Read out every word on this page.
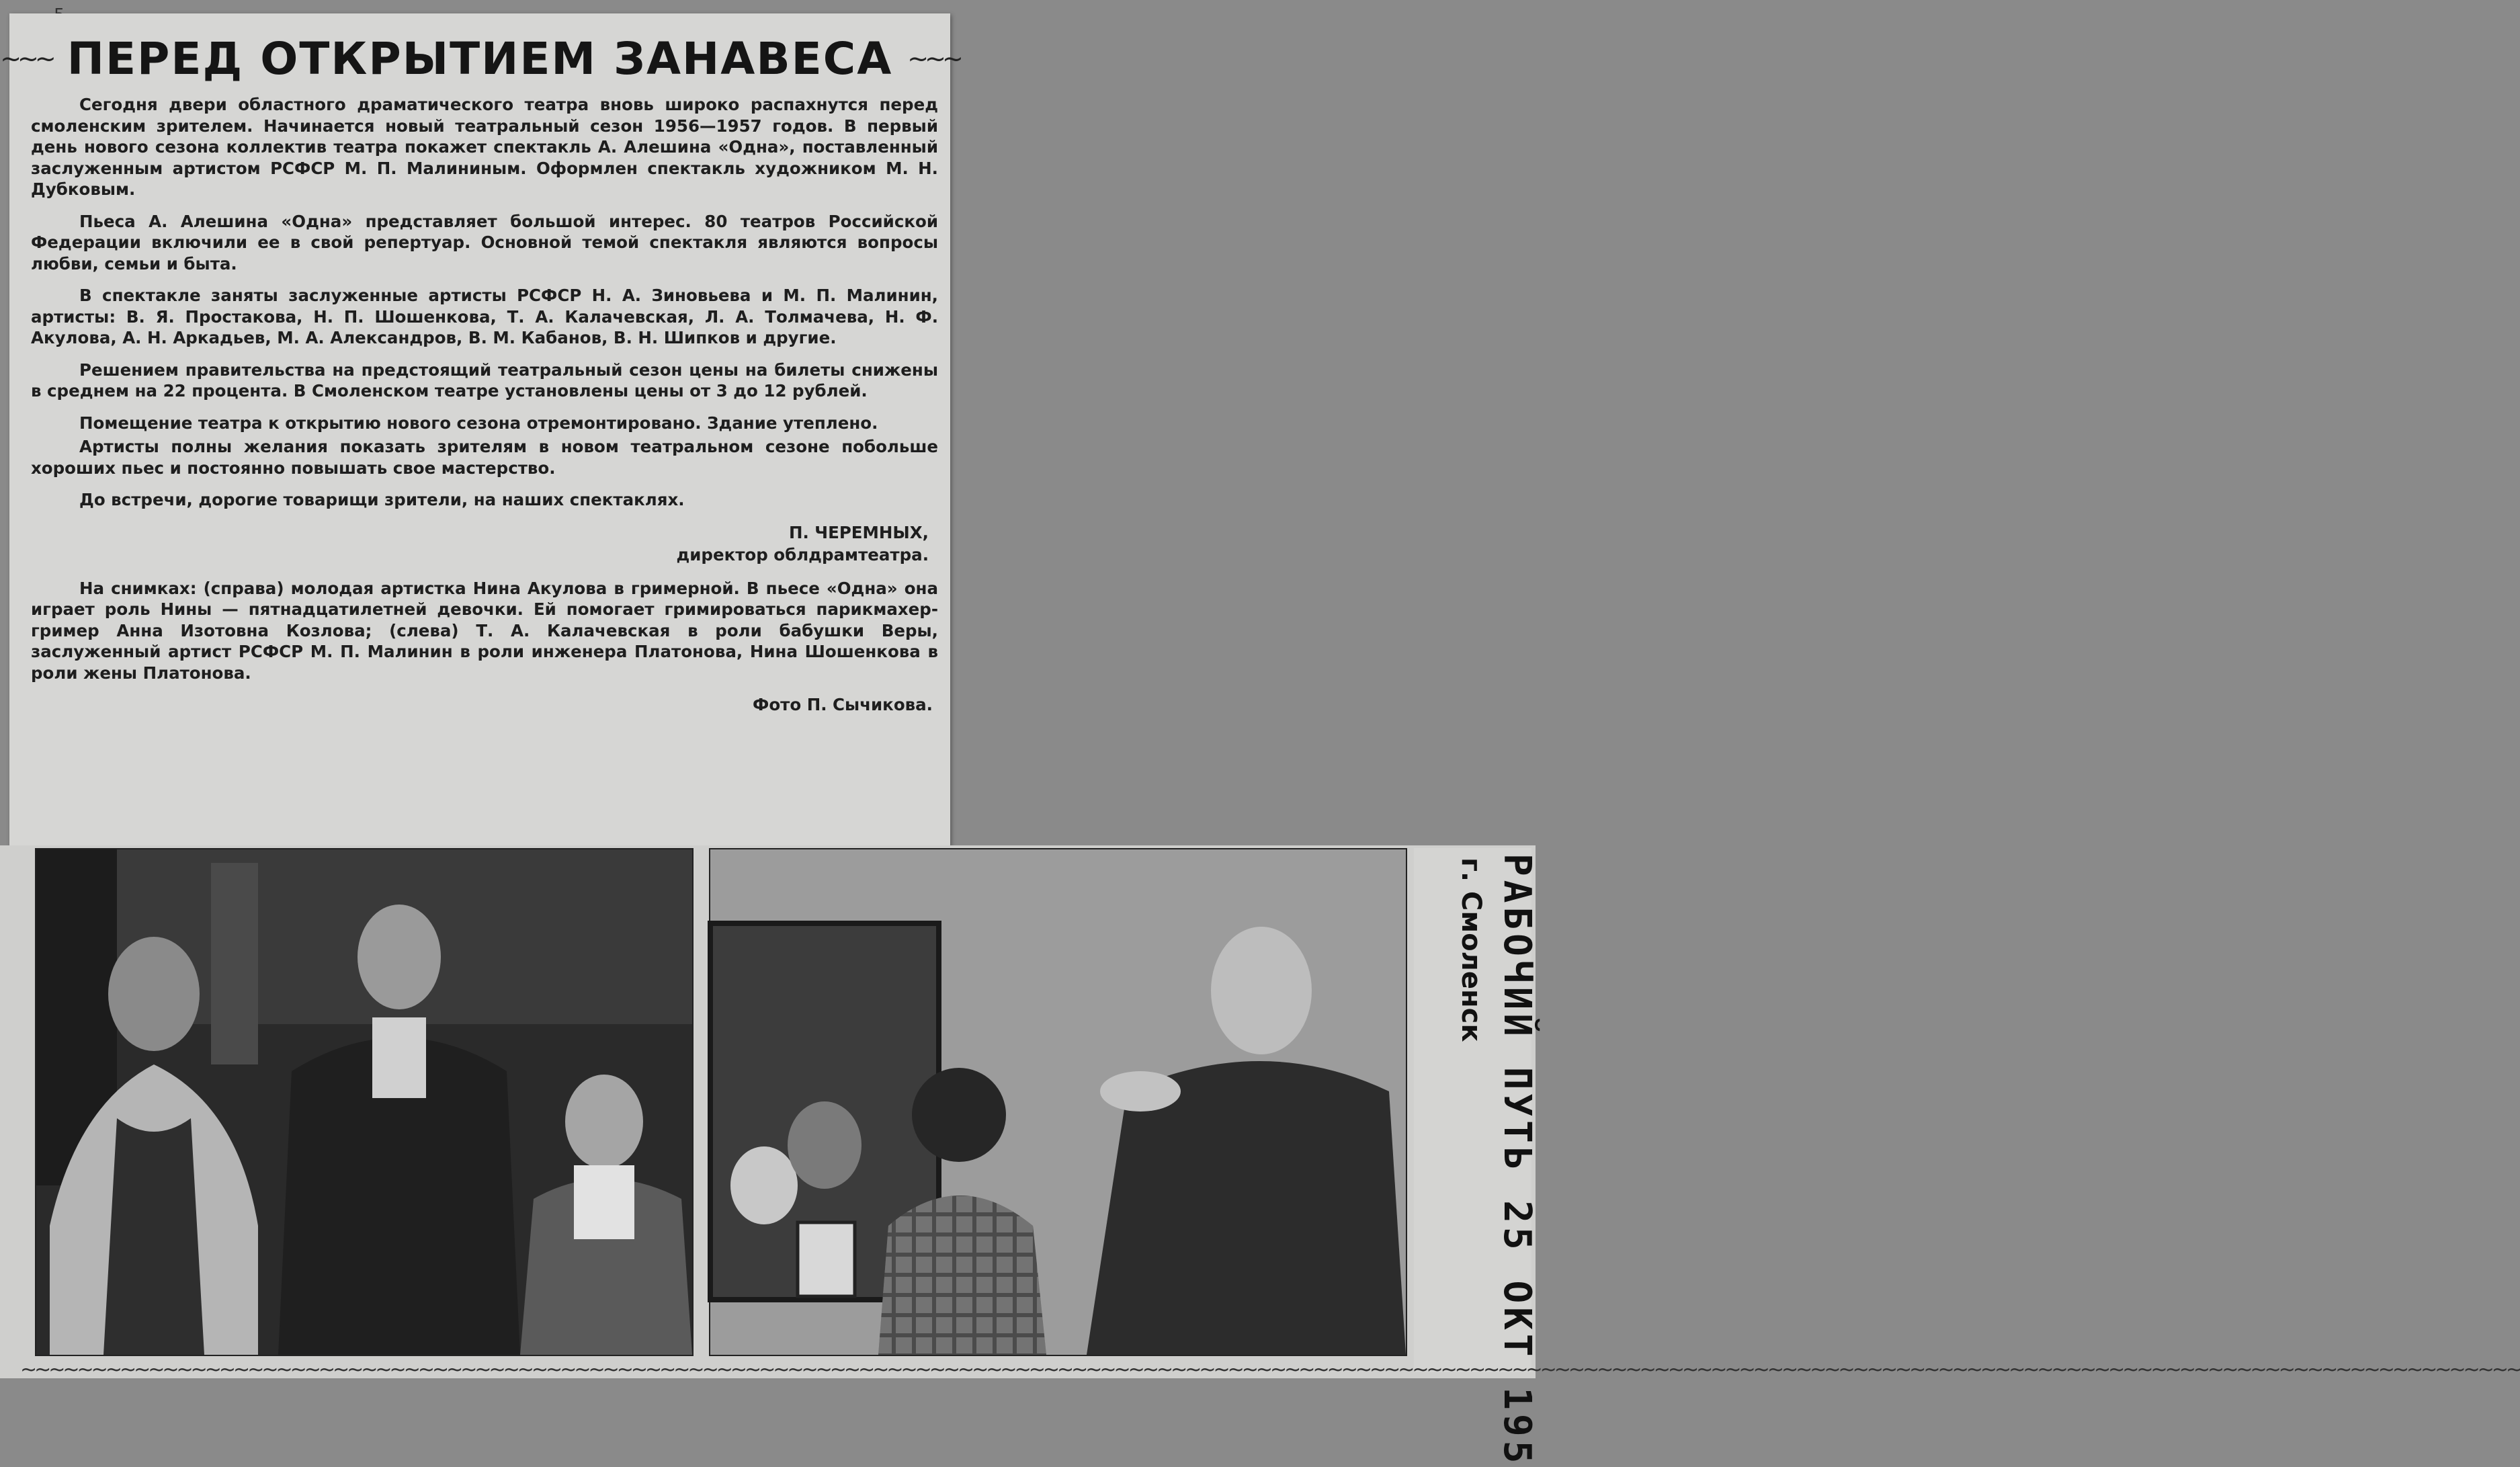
~~~ ПЕРЕД ОТКРЫТИЕМ ЗАНАВЕСА ~~~

Сегодня двери областного драматического театра вновь широко распахнутся перед смоленским зрителем. Начинается новый театральный сезон 1956—1957 годов. В первый день нового сезона коллектив театра покажет спектакль А. Алешина «Одна», поставленный заслуженным артистом РСФСР М. П. Малининым. Оформлен спектакль художником М. Н. Дубковым.

Пьеса А. Алешина «Одна» представляет большой интерес. 80 театров Российской Федерации включили ее в свой репертуар. Основной темой спектакля являются вопросы любви, семьи и быта.

В спектакле заняты заслуженные артисты РСФСР Н. А. Зиновьева и М. П. Малинин, артисты: В. Я. Простакова, Н. П. Шошенкова, Т. А. Калачевская, Л. А. Толмачева, Н. Ф. Акулова, А. Н. Аркадьев, М. А. Александров, В. М. Кабанов, В. Н. Шипков и другие.

Решением правительства на предстоящий театральный сезон цены на билеты снижены в среднем на 22 процента. В Смоленском театре установлены цены от 3 до 12 рублей.

Помещение театра к открытию нового сезона отремонтировано. Здание утеплено.

Артисты полны желания показать зрителям в новом театральном сезоне побольше хороших пьес и постоянно повышать свое мастерство.

До встречи, дорогие товарищи зрители, на наших спектаклях.

П. ЧЕРЕМНЫХ,
директор облдрамтеатра.

На снимках: (справа) молодая артистка Нина Акулова в гримерной. В пьесе «Одна» она играет роль Нины — пятнадцатилетней девочки. Ей помогает гримироваться парикмахер-гример Анна Изотовна Козлова; (слева) Т. А. Калачевская в роли бабушки Веры, заслуженный артист РСФСР М. П. Малинин в роли инженера Платонова, Нина Шошенкова в роли жены Платонова.

Фото П. Сычикова.
РАБОЧИЙ ПУТЬ 25 ОКТ 195
г. Смоленск
~~~~~~~~~~~~~~~~~~~~~~~~~~~~~~~~~~~~~~~~~~~~~~~~~~~~~~~~~~~~~~~~~~~~~~~~~~~~~~~~~~~~~~~~~~~~~~~~~~~~~~~~~~~~~~~~~~~~~~~~~~~~~~~~~~~~~~~~~~~~~~~~~~~~~~~~~~~~~~~~~~~~~~~~~~~~~~~~
